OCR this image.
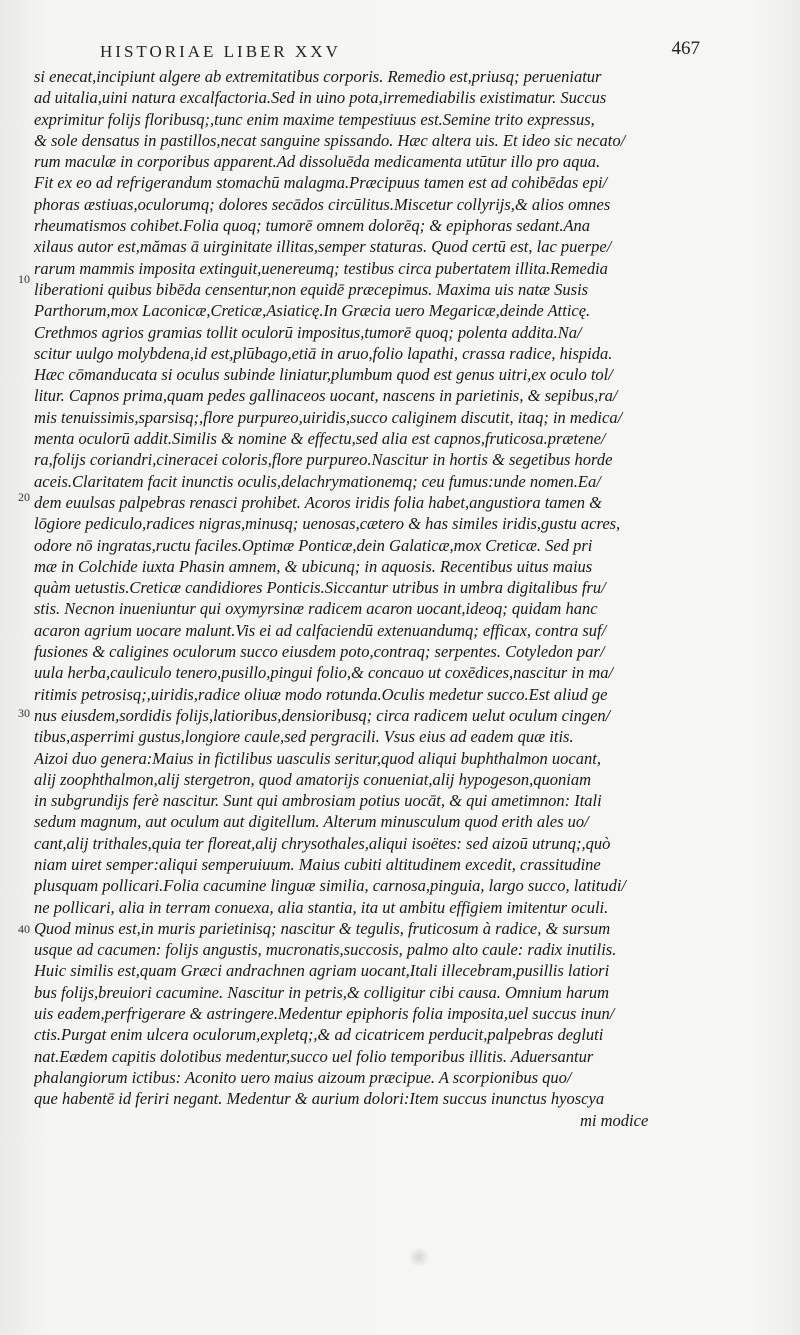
HISTORIAE LIBER XXV	467
10
20
30
40
si enecat,incipiunt algere ab extremitatibus corporis. Remedio est,priusq; perueniatur
ad uitalia,uini natura excalfactoria.Sed in uino pota,irremediabilis existimatur. Succus
exprimitur folijs floribusq;,tunc enim maxime tempestiuus est.Semine trito expressus,
& sole densatus in pastillos,necat sanguine spissando. Hæc altera uis. Et ideo sic necato/
rum maculæ in corporibus apparent.Ad dissoluēda medicamenta utūtur illo pro aqua.
Fit ex eo ad refrigerandum stomachū malagma.Præcipuus tamen est ad cohibēdas epi/
phoras æstiuas,oculorumq; dolores secādos circūlitus.Miscetur collyrijs,& alios omnes
rheumatismos cohibet.Folia quoq; tumorē omnem dolorēq; & epiphoras sedant.Ana
xilaus autor est,mămas ā uirginitate illitas,semper staturas. Quod certū est, lac puerpe/
rarum mammis imposita extinguit,uenereumq; testibus circa pubertatem illita.Remedia
liberationi quibus bibēda censentur,non equidē præcepimus. Maxima uis natæ Susis
Parthorum,mox Laconicæ,Creticæ,Asiaticę.In Græcia uero Megaricæ,deinde Atticę.
Crethmos agrios gramias tollit oculorū impositus,tumorē quoq; polenta addita.Na/
scitur uulgo molybdena,id est,plūbago,etiā in aruo,folio lapathi, crassa radice, hispida.
Hæc cōmanducata si oculus subinde liniatur,plumbum quod est genus uitri,ex oculo tol/
litur. Capnos prima,quam pedes gallinaceos uocant, nascens in parietinis, & sepibus,ra/
mis tenuissimis,sparsisq;,flore purpureo,uiridis,succo caliginem discutit, itaq; in medica/
menta oculorū addit.Similis & nomine & effectu,sed alia est capnos,fruticosa.prætene/
ra,folijs coriandri,cineracei coloris,flore purpureo.Nascitur in hortis & segetibus horde
aceis.Claritatem facit inunctis oculis,delachrymationemq; ceu fumus:unde nomen.Ea/
dem euulsas palpebras renasci prohibet. Acoros iridis folia habet,angustiora tamen &
lōgiore pediculo,radices nigras,minusq; uenosas,cætero & has similes iridis,gustu acres,
odore nō ingratas,ructu faciles.Optimæ Ponticæ,dein Galaticæ,mox Creticæ. Sed pri
mæ in Colchide iuxta Phasin amnem, & ubicunq; in aquosis. Recentibus uitus maius
quàm uetustis.Creticæ candidiores Ponticis.Siccantur utribus in umbra digitalibus fru/
stis. Necnon inueniuntur qui oxymyrsinæ radicem acaron uocant,ideoq; quidam hanc
acaron agrium uocare malunt.Vis ei ad calfaciendū extenuandumq; efficax, contra suf/
fusiones & caligines oculorum succo eiusdem poto,contraq; serpentes. Cotyledon par/
uula herba,cauliculo tenero,pusillo,pingui folio,& concauo ut coxēdices,nascitur in ma/
ritimis petrosisq;,uiridis,radice oliuæ modo rotunda.Oculis medetur succo.Est aliud ge
nus eiusdem,sordidis folijs,latioribus,densioribusq; circa radicem uelut oculum cingen/
tibus,asperrimi gustus,longiore caule,sed pergracili. Vsus eius ad eadem quæ itis.
Aizoi duo genera:Maius in fictilibus uasculis seritur,quod aliqui buphthalmon uocant,
alij zoophthalmon,alij stergetron, quod amatorijs conueniat,alij hypogeson,quoniam
in subgrundijs ferè nascitur. Sunt qui ambrosiam potius uocāt, & qui ametimnon: Itali
sedum magnum, aut oculum aut digitellum. Alterum minusculum quod erith ales uo/
cant,alij trithales,quia ter floreat,alij chrysothales,aliqui isoëtes: sed aizoū utrunq;,quò
niam uiret semper:aliqui semperuiuum. Maius cubiti altitudinem excedit, crassitudine
plusquam pollicari.Folia cacumine linguæ similia, carnosa,pinguia, largo succo, latitudi/
ne pollicari, alia in terram conuexa, alia stantia, ita ut ambitu effigiem imitentur oculi.
Quod minus est,in muris parietinisq; nascitur & tegulis, fruticosum à radice, & sursum
usque ad cacumen: folijs angustis, mucronatis,succosis, palmo alto caule: radix inutilis.
Huic similis est,quam Græci andrachnen agriam uocant,Itali illecebram,pusillis latiori
bus folijs,breuiori cacumine. Nascitur in petris,& colligitur cibi causa. Omnium harum
uis eadem,perfrigerare & astringere.Medentur epiphoris folia imposita,uel succus inun/
ctis.Purgat enim ulcera oculorum,expletq;,& ad cicatricem perducit,palpebras degluti
nat.Eædem capitis dolotibus medentur,succo uel folio temporibus illitis. Aduersantur
phalangiorum ictibus: Aconito uero maius aizoum præcipue. A scorpionibus quo/
que habentē id feriri negant. Medentur & aurium dolori:Item succus inunctus hyoscya
mi modice
